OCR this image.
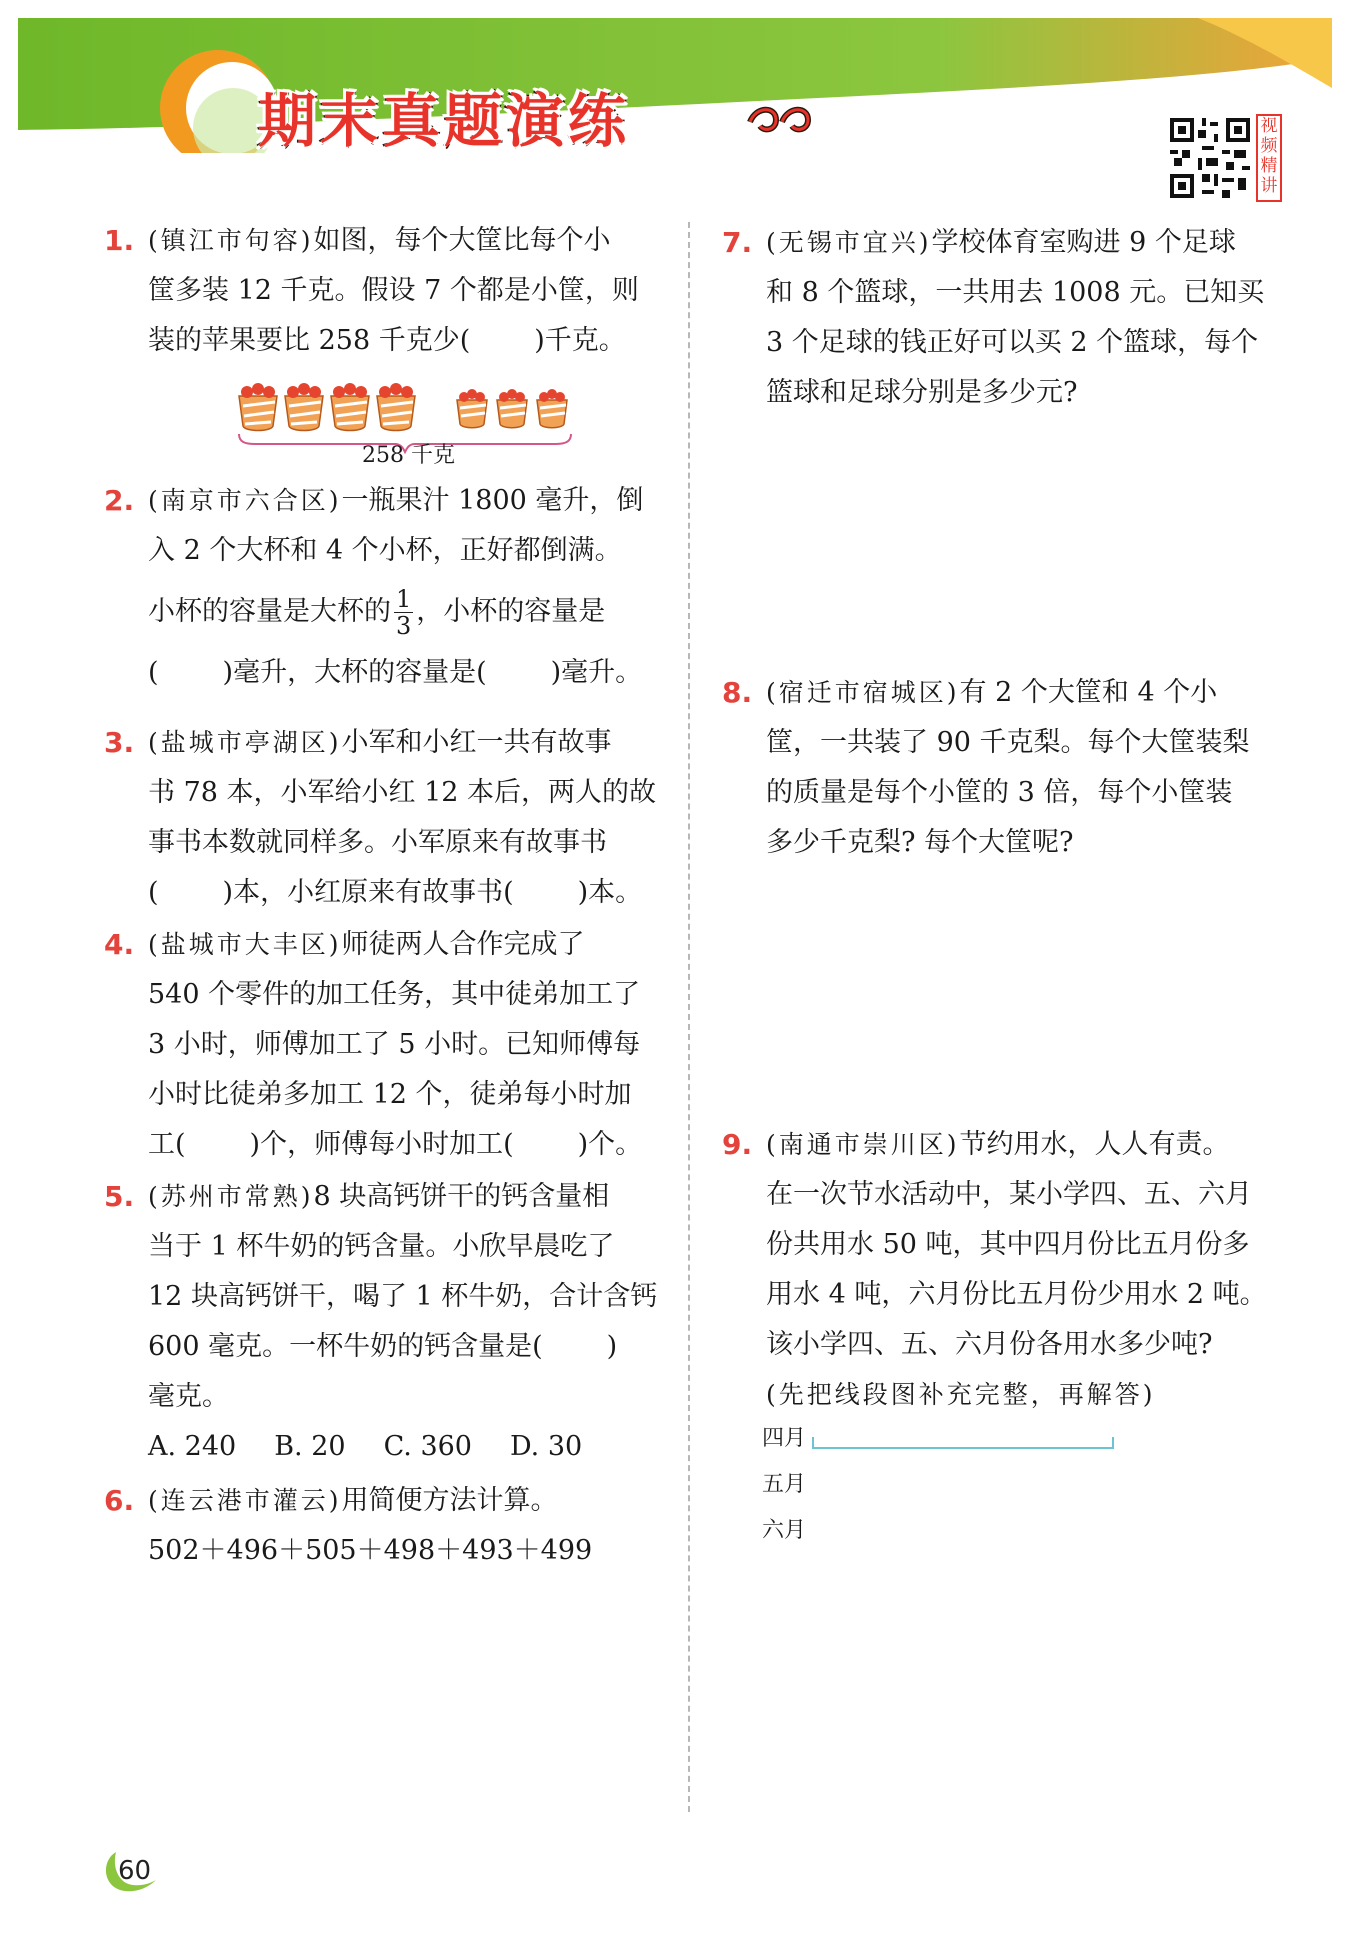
期末真题演练	视
频
精
讲
1. (镇江市句容)如图，每个大筐比每个小
筐多装 12 千克。假设 7 个都是小筐，则
装的苹果要比 258 千克少( )千克。
258 千克
2. (南京市六合区)一瓶果汁 1800 毫升，倒
入 2 个大杯和 4 个小杯，正好都倒满。
小杯的容量是大杯的 $\frac{1}{3}$ ，小杯的容量是
( )毫升，大杯的容量是( )毫升。
3. (盐城市亭湖区)小军和小红一共有故事
书 78 本，小军给小红 12 本后，两人的故
事书本数就同样多。小军原来有故事书
( )本，小红原来有故事书( )本。
4. (盐城市大丰区)师徒两人合作完成了
540 个零件的加工任务，其中徒弟加工了
3 小时，师傅加工了 5 小时。已知师傅每
小时比徒弟多加工 12 个，徒弟每小时加
工( )个，师傅每小时加工( )个。
5. (苏州市常熟)8 块高钙饼干的钙含量相
当于 1 杯牛奶的钙含量。小欣早晨吃了
12 块高钙饼干，喝了 1 杯牛奶，合计含钙
600 毫克。一杯牛奶的钙含量是( )
毫克。
A. 240 B. 20 C. 360 D. 30
6. (连云港市灌云)用简便方法计算。
502＋496＋505＋498＋493＋499
7. (无锡市宜兴)学校体育室购进 9 个足球
和 8 个篮球，一共用去 1008 元。已知买
3 个足球的钱正好可以买 2 个篮球，每个
篮球和足球分别是多少元?
8. (宿迁市宿城区)有 2 个大筐和 4 个小
筐，一共装了 90 千克梨。每个大筐装梨
的质量是每个小筐的 3 倍，每个小筐装
多少千克梨? 每个大筐呢?
9. (南通市崇川区)节约用水，人人有责。
在一次节水活动中，某小学四、五、六月
份共用水 50 吨，其中四月份比五月份多
用水 4 吨，六月份比五月份少用水 2 吨。
该小学四、五、六月份各用水多少吨?
(先把线段图补充完整，再解答)
四月
五月
六月
60
